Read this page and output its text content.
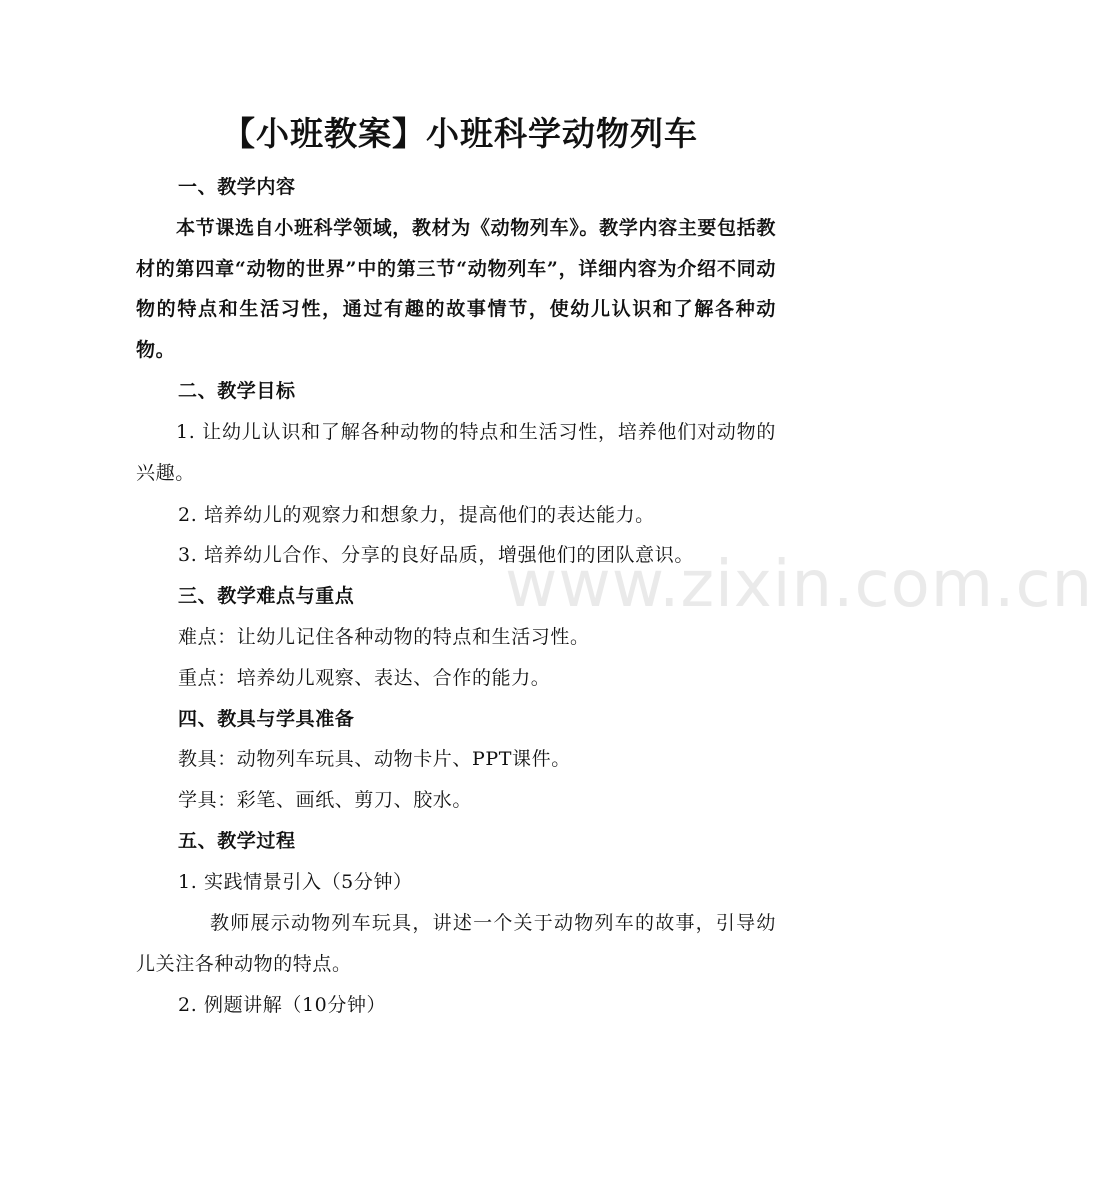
www.zixin.com.cn
【小班教案】小班科学动物列车
一、教学内容
本节课选自小班科学领域，教材为《动物列车》。教学内容主要包括教材的第四章“动物的世界”中的第三节“动物列车”，详细内容为介绍不同动物的特点和生活习性，通过有趣的故事情节，使幼儿认识和了解各种动物。
二、教学目标
1. 让幼儿认识和了解各种动物的特点和生活习性，培养他们对动物的兴趣。
2. 培养幼儿的观察力和想象力，提高他们的表达能力。
3. 培养幼儿合作、分享的良好品质，增强他们的团队意识。
三、教学难点与重点
难点：让幼儿记住各种动物的特点和生活习性。
重点：培养幼儿观察、表达、合作的能力。
四、教具与学具准备
教具：动物列车玩具、动物卡片、PPT课件。
学具：彩笔、画纸、剪刀、胶水。
五、教学过程
1. 实践情景引入（5分钟）
教师展示动物列车玩具，讲述一个关于动物列车的故事，引导幼儿关注各种动物的特点。
2. 例题讲解（10分钟）
